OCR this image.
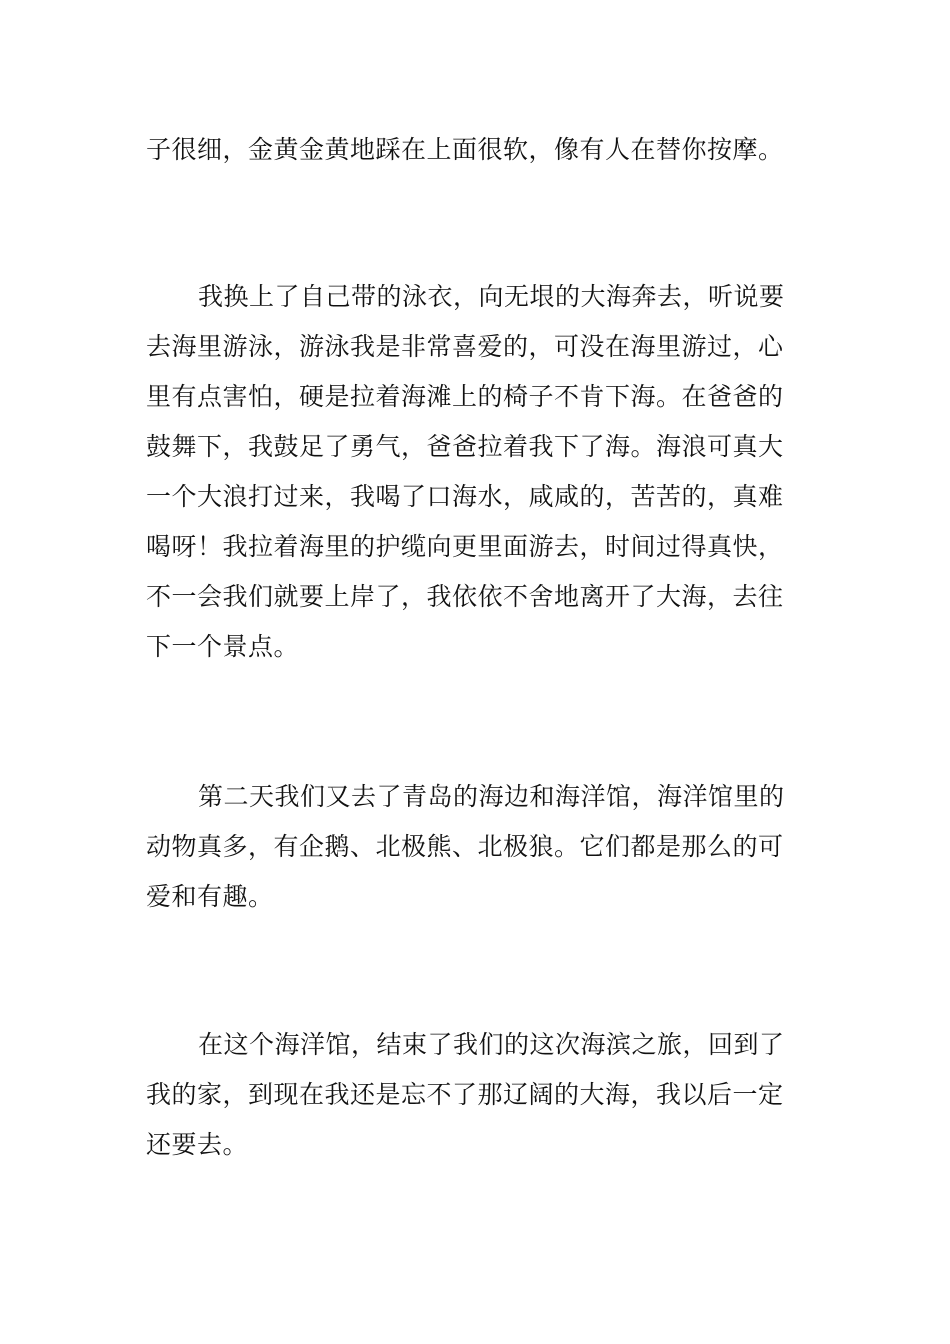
子很细，金黄金黄地踩在上面很软，像有人在替你按摩。
我换上了自己带的泳衣，向无垠的大海奔去，听说要
去海里游泳，游泳我是非常喜爱的，可没在海里游过，心
里有点害怕，硬是拉着海滩上的椅子不肯下海。在爸爸的
鼓舞下，我鼓足了勇气，爸爸拉着我下了海。海浪可真大
一个大浪打过来，我喝了口海水，咸咸的，苦苦的，真难
喝呀！我拉着海里的护缆向更里面游去，时间过得真快，
不一会我们就要上岸了，我依依不舍地离开了大海，去往
下一个景点。
第二天我们又去了青岛的海边和海洋馆，海洋馆里的
动物真多，有企鹅、北极熊、北极狼。它们都是那么的可
爱和有趣。
在这个海洋馆，结束了我们的这次海滨之旅，回到了
我的家，到现在我还是忘不了那辽阔的大海，我以后一定
还要去。
